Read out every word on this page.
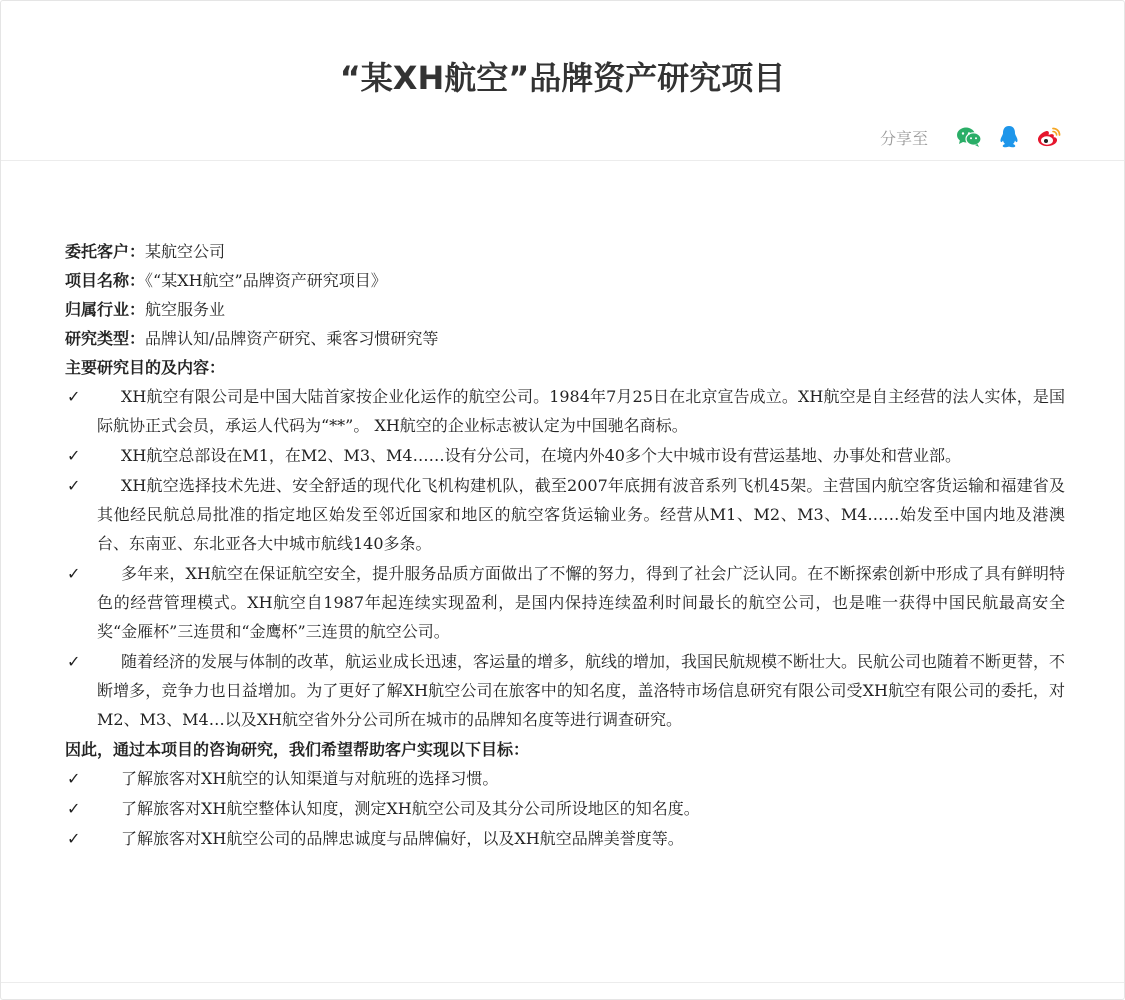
“某XH航空”品牌资产研究项目
分享至
委托客户：某航空公司
项目名称：《“某XH航空”品牌资产研究项目》
归属行业：航空服务业
研究类型：品牌认知/品牌资产研究、乘客习惯研究等
主要研究目的及内容：
✓	XH航空有限公司是中国大陆首家按企业化运作的航空公司。1984年7月25日在北京宣告成立。XH航空是自主经营的法人实体，是国际航协正式会员，承运人代码为“**”。 XH航空的企业标志被认定为中国驰名商标。
✓	XH航空总部设在M1，在M2、M3、M4……设有分公司，在境内外40多个大中城市设有营运基地、办事处和营业部。
✓	XH航空选择技术先进、安全舒适的现代化飞机构建机队，截至2007年底拥有波音系列飞机45架。主营国内航空客货运输和福建省及其他经民航总局批准的指定地区始发至邻近国家和地区的航空客货运输业务。经营从M1、M2、M3、M4……始发至中国内地及港澳台、东南亚、东北亚各大中城市航线140多条。
✓	多年来，XH航空在保证航空安全，提升服务品质方面做出了不懈的努力，得到了社会广泛认同。在不断探索创新中形成了具有鲜明特色的经营管理模式。XH航空自1987年起连续实现盈利，是国内保持连续盈利时间最长的航空公司，也是唯一获得中国民航最高安全奖“金雁杯”三连贯和“金鹰杯”三连贯的航空公司。
✓	随着经济的发展与体制的改革，航运业成长迅速，客运量的增多，航线的增加，我国民航规模不断壮大。民航公司也随着不断更替，不断增多，竞争力也日益增加。为了更好了解XH航空公司在旅客中的知名度，盖洛特市场信息研究有限公司受XH航空有限公司的委托，对M2、M3、M4…以及XH航空省外分公司所在城市的品牌知名度等进行调查研究。
因此，通过本项目的咨询研究，我们希望帮助客户实现以下目标：
✓	了解旅客对XH航空的认知渠道与对航班的选择习惯。
✓	了解旅客对XH航空整体认知度，测定XH航空公司及其分公司所设地区的知名度。
✓	了解旅客对XH航空公司的品牌忠诚度与品牌偏好，以及XH航空品牌美誉度等。
